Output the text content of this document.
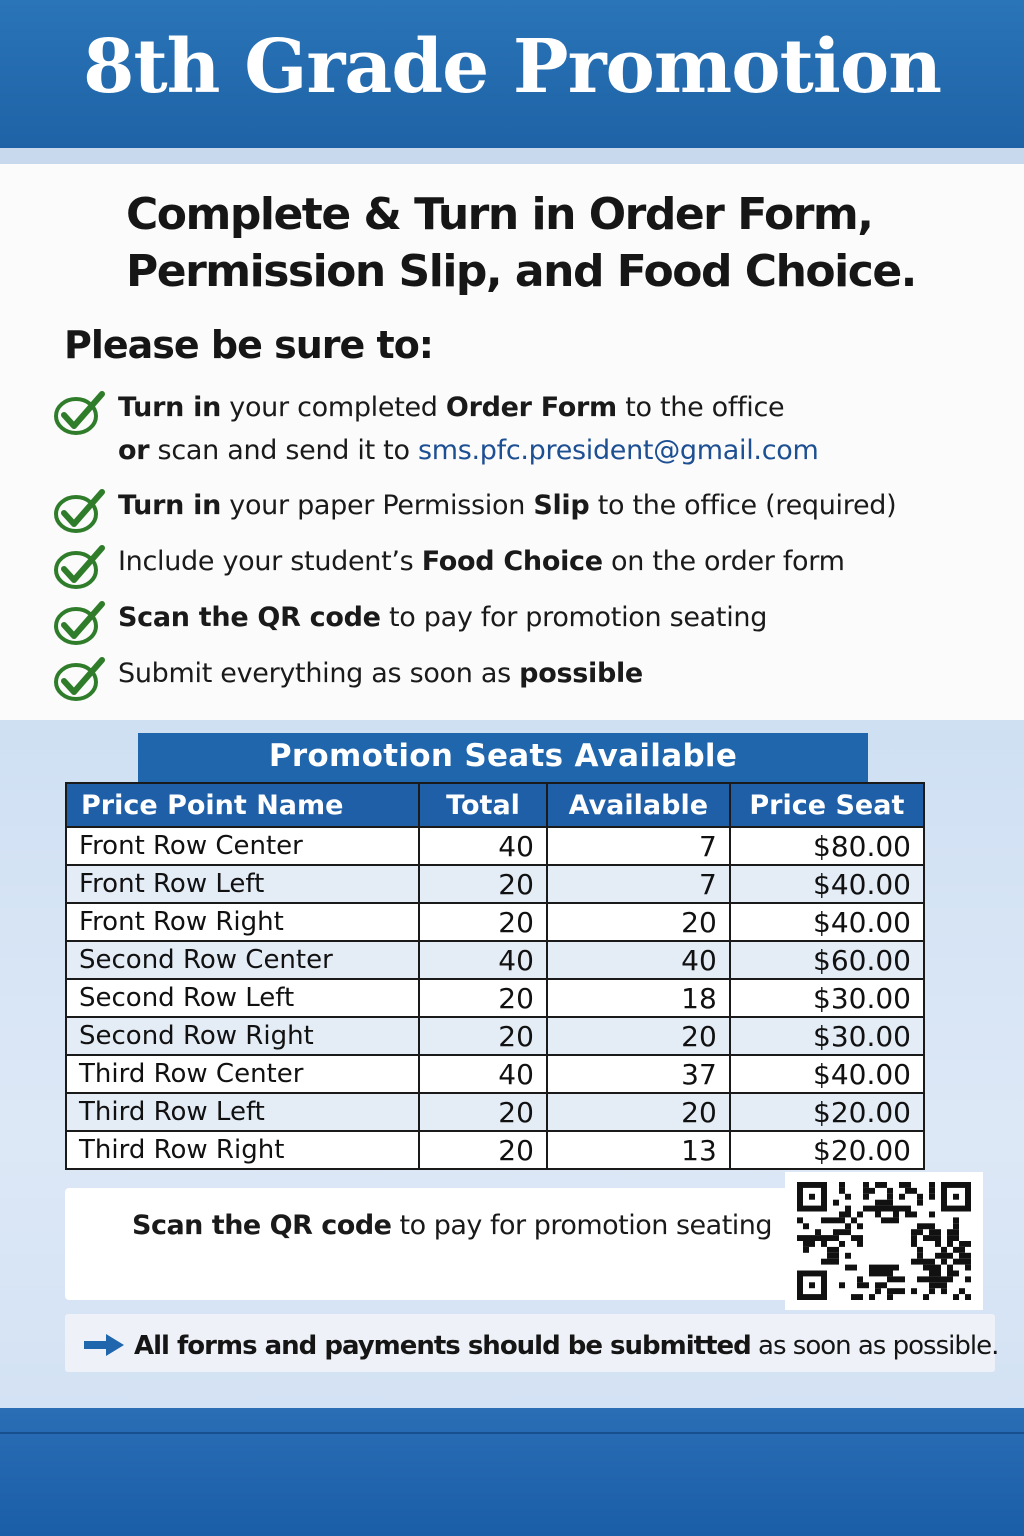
8th Grade Promotion
Complete & Turn in Order Form,
Permission Slip, and Food Choice.
Please be sure to:
Turn in your completed Order Form to the office
or scan and send it to sms.pfc.president@gmail.com
Turn in your paper Permission Slip to the office (required)
Include your student’s Food Choice on the order form
Scan the QR code to pay for promotion seating
Submit everything as soon as possible
Promotion Seats Available
Price Point Name	Total	Available	Price Seat
Front Row Center	40	7	$80.00
Front Row Left	20	7	$40.00
Front Row Right	20	20	$40.00
Second Row Center	40	40	$60.00
Second Row Left	20	18	$30.00
Second Row Right	20	20	$30.00
Third Row Center	40	37	$40.00
Third Row Left	20	20	$20.00
Third Row Right	20	13	$20.00
Scan the QR code to pay for promotion seating
All forms and payments should be submitted as soon as possible.
